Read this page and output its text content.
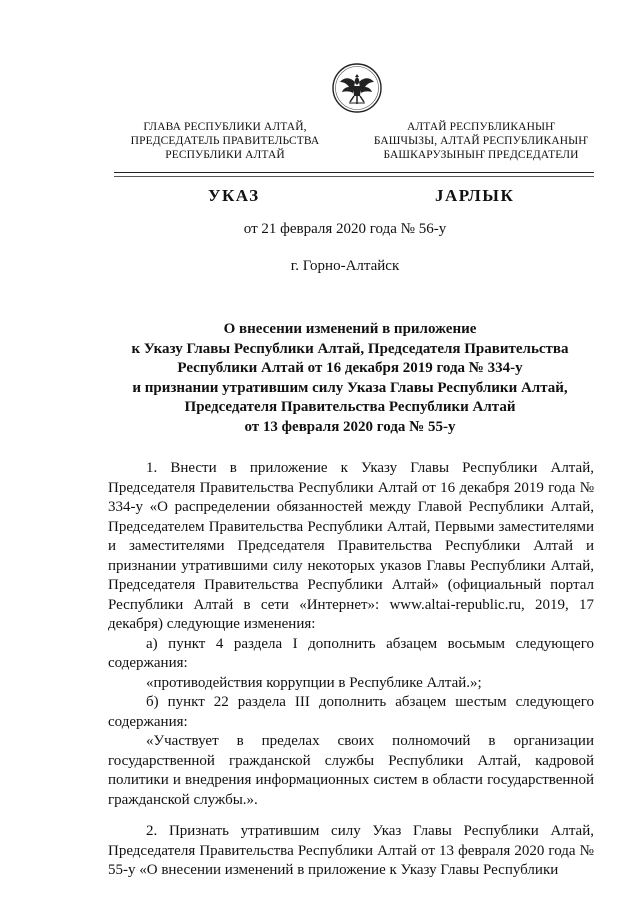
ГЛАВА РЕСПУБЛИКИ АЛТАЙ,
ПРЕДСЕДАТЕЛЬ ПРАВИТЕЛЬСТВА
РЕСПУБЛИКИ АЛТАЙ
АЛТАЙ РЕСПУБЛИКАНЫҤ
БАШЧЫЗЫ, АЛТАЙ РЕСПУБЛИКАНЫҤ
БАШКАРУЗЫНЫҤ ПРЕДСЕДАТЕЛИ
УКАЗ	JАРЛЫК
от 21 февраля 2020 года № 56-у
г. Горно-Алтайск
О внесении изменений в приложение
к Указу Главы Республики Алтай, Председателя Правительства
Республики Алтай от 16 декабря 2019 года № 334-у
и признании утратившим силу Указа Главы Республики Алтай,
Председателя Правительства Республики Алтай
от 13 февраля 2020 года № 55-у

1. Внести в приложение к Указу Главы Республики Алтай, Председателя Правительства Республики Алтай от 16 декабря 2019 года № 334-у «О распределении обязанностей между Главой Республики Алтай, Председателем Правительства Республики Алтай, Первыми заместителями и заместителями Председателя Правительства Республики Алтай и признании утратившими силу некоторых указов Главы Республики Алтай, Председателя Правительства Республики Алтай» (официальный портал Республики Алтай в сети «Интернет»: www.altai-republic.ru, 2019, 17 декабря) следующие изменения:

а) пункт 4 раздела I дополнить абзацем восьмым следующего содержания:

«противодействия коррупции в Республике Алтай.»;

б) пункт 22 раздела III дополнить абзацем шестым следующего содержания:

«Участвует в пределах своих полномочий в организации государственной гражданской службы Республики Алтай, кадровой политики и внедрения информационных систем в области государственной гражданской службы.».

2. Признать утратившим силу Указ Главы Республики Алтай, Председателя Правительства Республики Алтай от 13 февраля 2020 года № 55-у «О внесении изменений в приложение к Указу Главы Республики
